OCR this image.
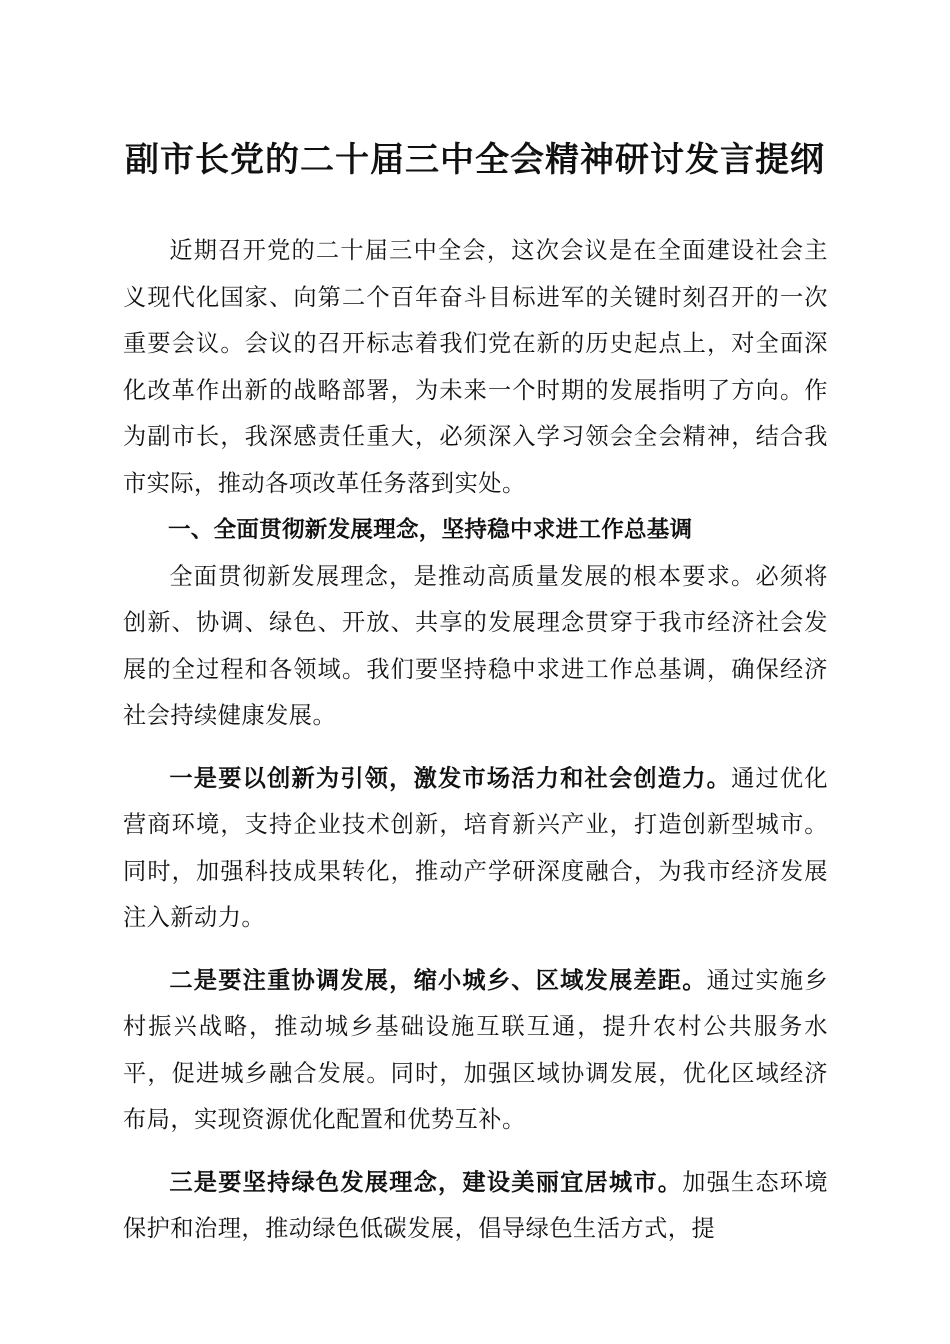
副市长党的二十届三中全会精神研讨发言提纲

近期召开党的二十届三中全会，这次会议是在全面建设社会主义现代化国家、向第二个百年奋斗目标进军的关键时刻召开的一次重要会议。会议的召开标志着我们党在新的历史起点上，对全面深化改革作出新的战略部署，为未来一个时期的发展指明了方向。作为副市长，我深感责任重大，必须深入学习领会全会精神，结合我市实际，推动各项改革任务落到实处。

一、全面贯彻新发展理念，坚持稳中求进工作总基调

全面贯彻新发展理念，是推动高质量发展的根本要求。必须将创新、协调、绿色、开放、共享的发展理念贯穿于我市经济社会发展的全过程和各领域。我们要坚持稳中求进工作总基调，确保经济社会持续健康发展。

一是要以创新为引领，激发市场活力和社会创造力。通过优化营商环境，支持企业技术创新，培育新兴产业，打造创新型城市。同时，加强科技成果转化，推动产学研深度融合，为我市经济发展注入新动力。

二是要注重协调发展，缩小城乡、区域发展差距。通过实施乡村振兴战略，推动城乡基础设施互联互通，提升农村公共服务水平，促进城乡融合发展。同时，加强区域协调发展，优化区域经济布局，实现资源优化配置和优势互补。

三是要坚持绿色发展理念，建设美丽宜居城市。加强生态环境保护和治理，推动绿色低碳发展，倡导绿色生活方式，提
